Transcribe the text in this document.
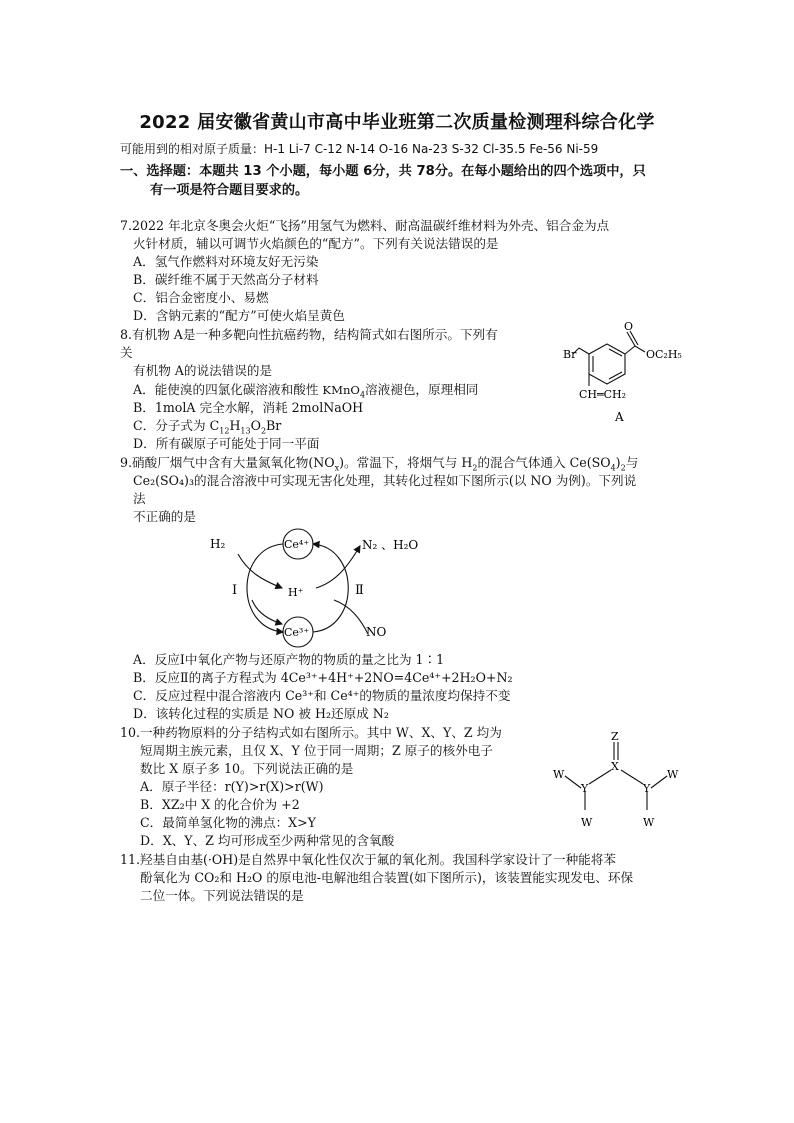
2022 届安徽省黄山市高中毕业班第二次质量检测理科综合化学
可能用到的相对原子质量：H-1 Li-7 C-12 N-14 O-16 Na-23 S-32 Cl-35.5 Fe-56 Ni-59
一、选择题：本题共 13 个小题，每小题 6分，共 78分。在每小题给出的四个选项中，只
有一项是符合题目要求的。
7.2022 年北京冬奥会火炬“飞扬”用氢气为燃料、耐高温碳纤维材料为外壳、铝合金为点
火针材质，辅以可调节火焰颜色的“配方”。下列有关说法错误的是
A．氢气作燃料对环境友好无污染
B．碳纤维不属于天然高分子材料
C．铝合金密度小、易燃
D．含钠元素的“配方”可使火焰呈黄色
8.有机物 A是一种多靶向性抗癌药物，结构简式如右图所示。下列有
关
有机物 A的说法错误的是
A．能使溴的四氯化碳溶液和酸性 KMnO$_4$溶液褪色，原理相同
B．1molA 完全水解，消耗 2molNaOH
C．分子式为 $C_{12}H_{13}O_2Br$
D．所有碳原子可能处于同一平面
O
Br	OC₂H₅
CH═CH₂
A
9.硝酸厂烟气中含有大量氮氧化物$(NO_x)$。常温下，将烟气与 $H_2$的混合气体通入 $Ce(SO_4)_2$与
Ce₂(SO₄)₃的混合溶液中可实现无害化处理，其转化过程如下图所示(以 NO 为例)。下列说
法
不正确的是
Ce⁴⁺
Ce³⁺
H₂
H⁺
N₂ 、H₂O
NO
I	Ⅱ
A．反应Ⅰ中氧化产物与还原产物的物质的量之比为 1∶1
B．反应Ⅱ的离子方程式为 4Ce³⁺+4H⁺+2NO=4Ce⁴⁺+2H₂O+N₂
C．反应过程中混合溶液内 Ce³⁺和 Ce⁴⁺的物质的量浓度均保持不变
D．该转化过程的实质是 NO 被 H₂还原成 N₂
10.一种药物原料的分子结构式如右图所示。其中 W、X、Y、Z 均为
短周期主族元素，且仅 X、Y 位于同一周期；Z 原子的核外电子
数比 X 原子多 10。下列说法正确的是
A．原子半径：r(Y)>r(X)>r(W)
B．XZ₂中 X 的化合价为 +2
C．最简单氢化物的沸点：X>Y
D．X、Y、Z 均可形成至少两种常见的含氧酸
Z
X
Y	Y
W
W	W
W
11.羟基自由基(·OH)是自然界中氧化性仅次于氟的氧化剂。我国科学家设计了一种能将苯
酚氧化为 CO₂和 H₂O 的原电池-电解池组合装置(如下图所示)，该装置能实现发电、环保
二位一体。下列说法错误的是
